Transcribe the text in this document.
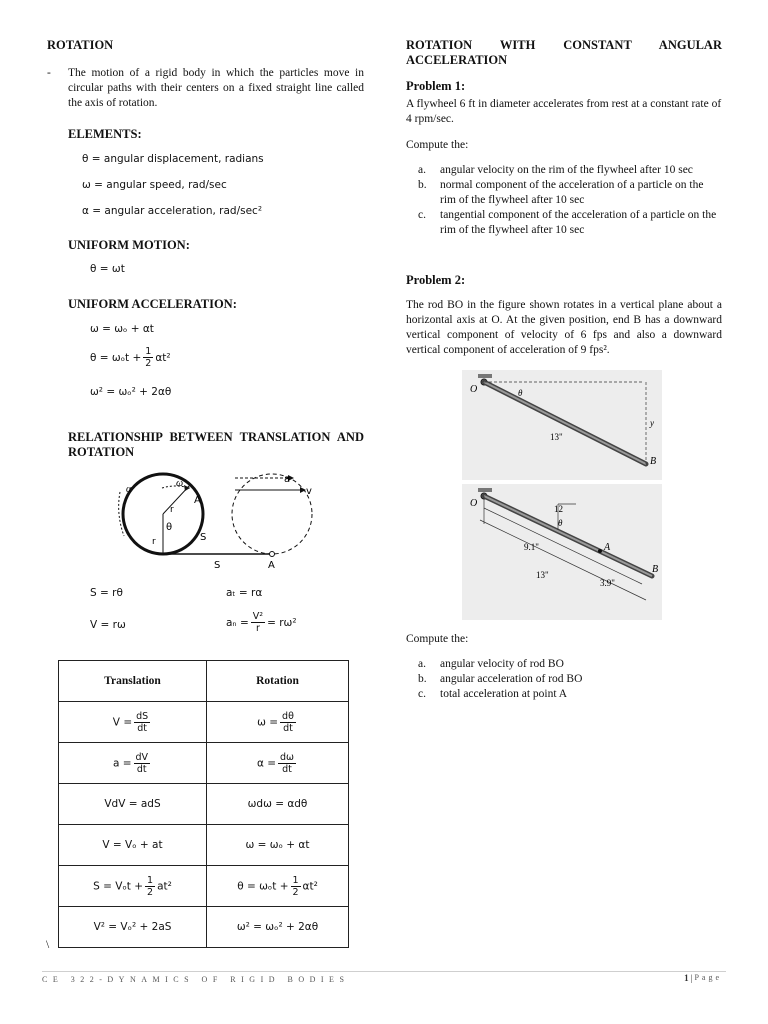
ROTATION
- The motion of a rigid body in which the particles move in circular paths with their centers on a fixed straight line called the axis of rotation.
ELEMENTS:
θ = angular displacement, radians
ω = angular speed, rad/sec
α = angular acceleration, rad/sec²
UNIFORM MOTION:
θ = ωt
UNIFORM ACCELERATION:
ω = ωₒ + αt
$\theta = \omega_ot + \frac{1}{2} \alpha t^2$
ω² = ωₒ² + 2αθ
RELATIONSHIP BETWEEN TRANSLATION AND ROTATION
α
ω	a
v
A
r
θ
r	S
S	A
S = rθ	aₜ = rα
V = rω	$a_n = \frac{\text{V²}}{r} = r\omega^2$
Translation	Rotation
$V = \frac{dS}{dt}$	$\omega = \frac{d\theta}{dt}$

$a = \frac{dV}{dt}$	$\alpha = \frac{d\omega}{dt}$

VdV = adS	ωdω = αdθ
V = Vₒ + at	ω = ωₒ + αt
$S = V_ot + \frac{1}{2} at^2$	$\theta = \omega_ot + \frac{1}{2} \alpha t^2$
V² = Vₒ² + 2aS	ω² = ωₒ² + 2αθ
\
ROTATION WITH CONSTANT ANGULAR ACCELERATION
Problem 1:
A flywheel 6 ft in diameter accelerates from rest at a constant rate of 4 rpm/sec.
Compute the:
a.	angular velocity on the rim of the flywheel after 10 sec
b.	normal component of the acceleration of a particle on the rim of the flywheel after 10 sec
c.	tangential component of the acceleration of a particle on the rim of the flywheel after 10 sec
Problem 2:
The rod BO in the figure shown rotates in a vertical plane about a horizontal axis at O. At the given position, end B has a downward vertical component of velocity of 6 fps and also a downward vertical component of acceleration of 9 fps².
O	θ
13"
y
B
O	12
θ
9.1"	A
13"
3.9"
B
Compute the:
a.	angular velocity of rod BO
b.	angular acceleration of rod BO
c.	total acceleration at point A
CE 322-DYNAMICS OF RIGID BODIES	1 | Page
